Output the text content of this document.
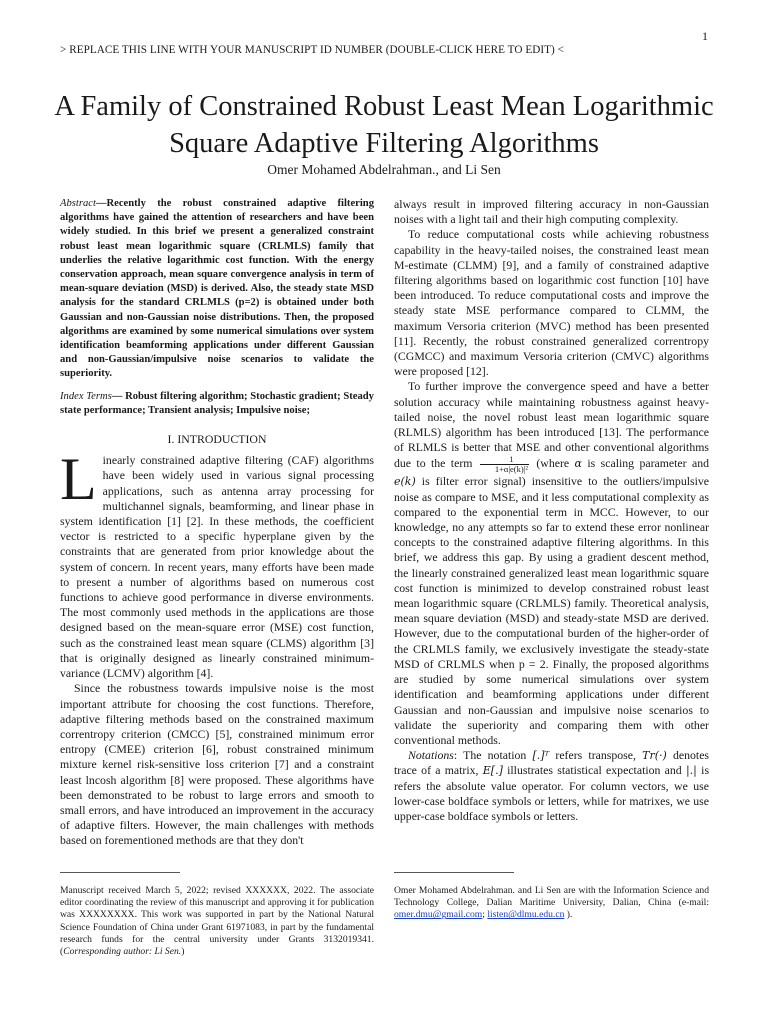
1
> REPLACE THIS LINE WITH YOUR MANUSCRIPT ID NUMBER (DOUBLE-CLICK HERE TO EDIT) <
A Family of Constrained Robust Least Mean Logarithmic Square Adaptive Filtering Algorithms
Omer Mohamed Abdelrahman., and Li Sen

Abstract—Recently the robust constrained adaptive filtering algorithms have gained the attention of researchers and have been widely studied. In this brief we present a generalized constraint robust least mean logarithmic square (CRLMLS) family that underlies the relative logarithmic cost function. With the energy conservation approach, mean square convergence analysis in term of mean-square deviation (MSD) is derived. Also, the steady state MSD analysis for the standard CRLMLS (p=2) is obtained under both Gaussian and non-Gaussian noise distributions. Then, the proposed algorithms are examined by some numerical simulations over system identification beamforming applications under different Gaussian and non-Gaussian/impulsive noise scenarios to validate the superiority.

Index Terms— Robust filtering algorithm; Stochastic gradient; Steady state performance; Transient analysis; Impulsive noise;

I. INTRODUCTION

Linearly constrained adaptive filtering (CAF) algorithms have been widely used in various signal processing applications, such as antenna array processing for multichannel signals, beamforming, and linear phase in system identification [1] [2]. In these methods, the coefficient vector is restricted to a specific hyperplane given by the constraints that are generated from prior knowledge about the system of concern. In recent years, many efforts have been made to present a number of algorithms based on numerous cost functions to achieve good performance in diverse environments. The most commonly used methods in the applications are those designed based on the mean-square error (MSE) cost function, such as the constrained least mean square (CLMS) algorithm [3] that is originally designed as linearly constrained minimum-variance (LCMV) algorithm [4].

Since the robustness towards impulsive noise is the most important attribute for choosing the cost functions. Therefore, adaptive filtering methods based on the constrained maximum correntropy criterion (CMCC) [5], constrained minimum error entropy (CMEE) criterion [6], robust constrained minimum mixture kernel risk-sensitive loss criterion [7] and a constraint least lncosh algorithm [8] were proposed. These algorithms have been demonstrated to be robust to large errors and smooth to small errors, and have introduced an improvement in the accuracy of adaptive filters. However, the main challenges with methods based on forementioned methods are that they don't

always result in improved filtering accuracy in non-Gaussian noises with a light tail and their high computing complexity.

To reduce computational costs while achieving robustness capability in the heavy-tailed noises, the constrained least mean M-estimate (CLMM) [9], and a family of constrained adaptive filtering algorithms based on logarithmic cost function [10] have been introduced. To reduce computational costs and improve the steady state MSE performance compared to CLMM, the maximum Versoria criterion (MVC) method has been presented [11]. Recently, the robust constrained generalized correntropy (CGMCC) and maximum Versoria criterion (CMVC) algorithms were proposed [12].

To further improve the convergence speed and have a better solution accuracy while maintaining robustness against heavy-tailed noise, the novel robust least mean logarithmic square (RLMLS) algorithm has been introduced [13]. The performance of RLMLS is better that MSE and other conventional algorithms due to the term $\frac{1}{\text{1+α|e(k)|²}}$ (where α is scaling parameter and e(k) is filter error signal) insensitive to the outliers/impulsive noise as compare to MSE, and it less computational complexity as compared to the exponential term in MCC. However, to our knowledge, no any attempts so far to extend these error nonlinear concepts to the constrained adaptive filtering algorithms. In this brief, we address this gap. By using a gradient descent method, the linearly constrained generalized least mean logarithmic square cost function is minimized to develop constrained robust least mean logarithmic square (CRLMLS) family. Theoretical analysis, mean square deviation (MSD) and steady-state MSD are derived. However, due to the computational burden of the higher-order of the CRLMLS family, we exclusively investigate the steady-state MSD of CRLMLS when p = 2. Finally, the proposed algorithms are studied by some numerical simulations over system identification and beamforming applications under different Gaussian and non-Gaussian and impulsive noise scenarios to validate the superiority and comparing them with other conventional methods.

Notations: The notation [.]ᵀ refers transpose, Tr(·) denotes trace of a matrix, E[.] illustrates statistical expectation and |.| is refers the absolute value operator. For column vectors, we use lower-case boldface symbols or letters, while for matrixes, we use upper-case boldface symbols or letters.

Manuscript received March 5, 2022; revised XXXXXX, 2022. The associate editor coordinating the review of this manuscript and approving it for publication was XXXXXXXX. This work was supported in part by the National Natural Science Foundation of China under Grant 61971083, in part by the fundamental research funds for the central university under Grants 3132019341. (Corresponding author: Li Sen.)
Omer Mohamed Abdelrahman. and Li Sen are with the Information Science and Technology College, Dalian Maritime University, Dalian, China (e-mail: omer.dmu@gmail.com; listen@dlmu.edu.cn ).
